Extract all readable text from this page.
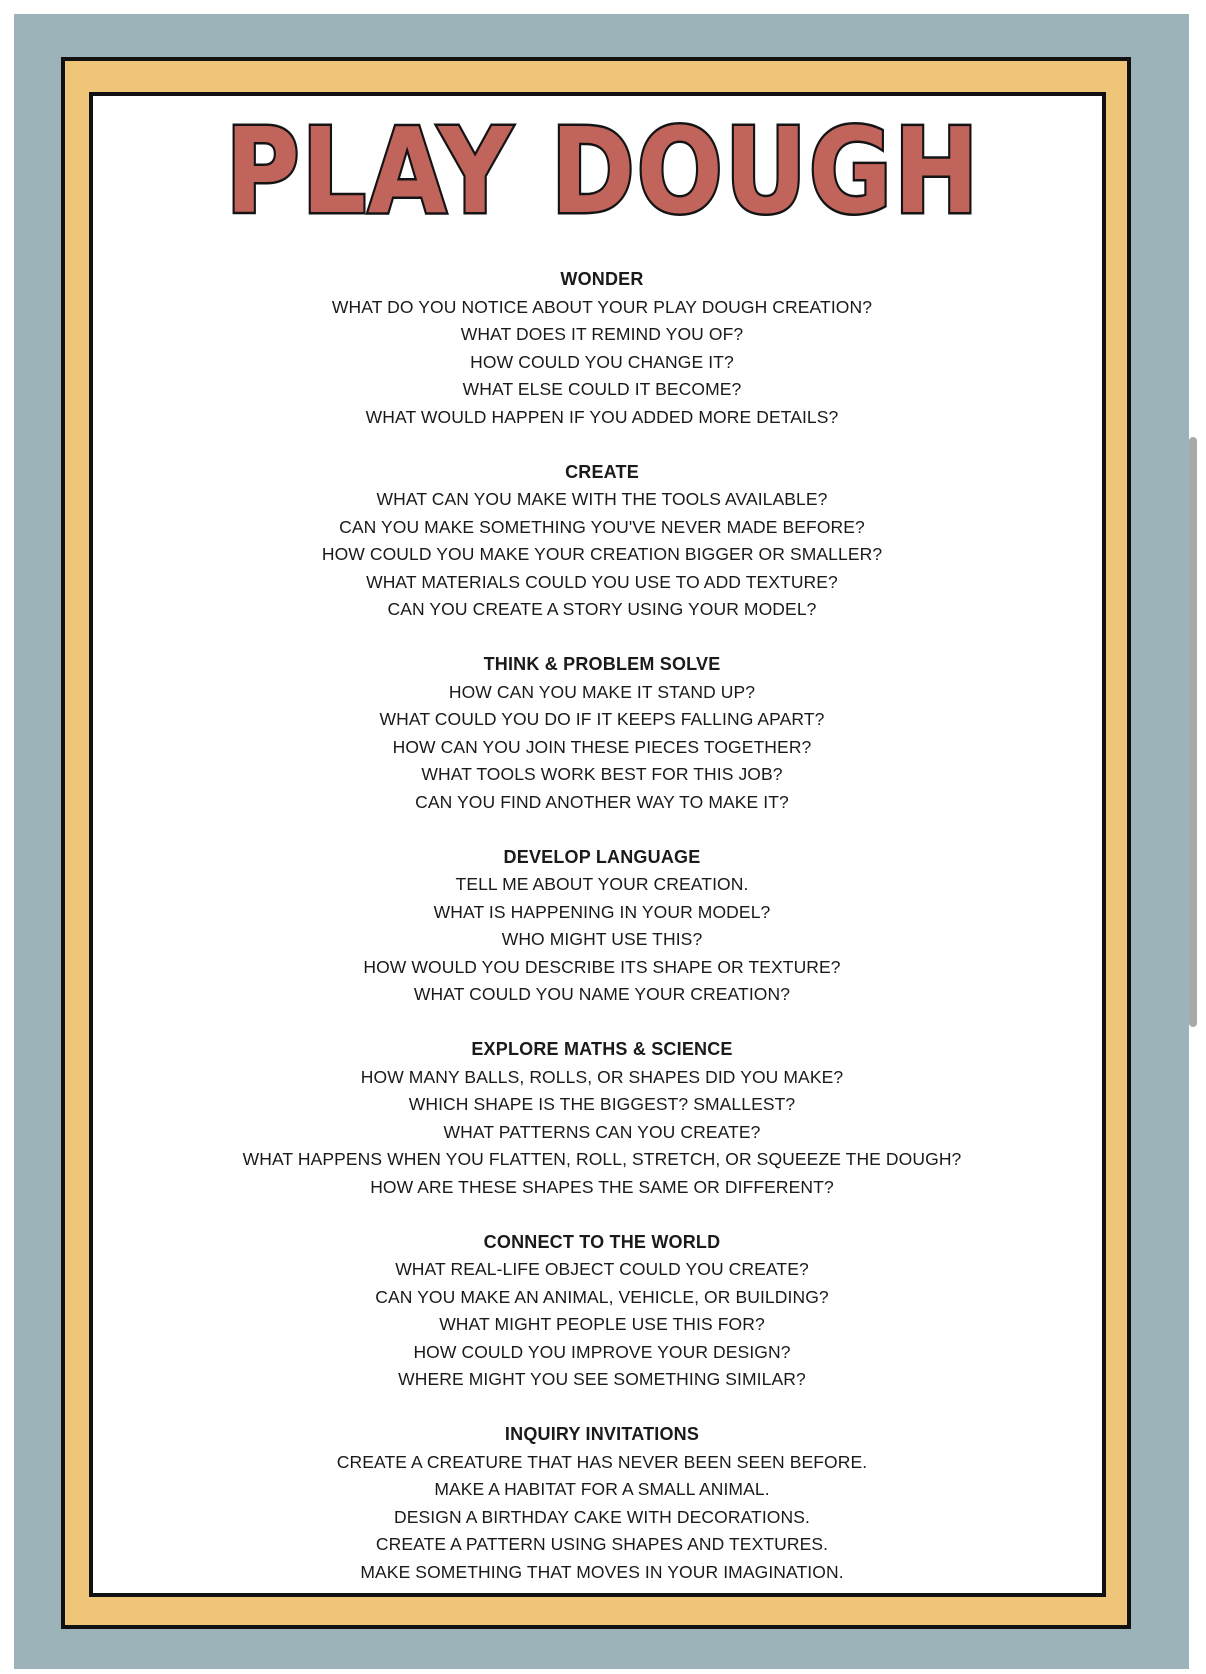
PLAY DOUGH
WONDER
WHAT DO YOU NOTICE ABOUT YOUR PLAY DOUGH CREATION?
WHAT DOES IT REMIND YOU OF?
HOW COULD YOU CHANGE IT?
WHAT ELSE COULD IT BECOME?
WHAT WOULD HAPPEN IF YOU ADDED MORE DETAILS?
CREATE
WHAT CAN YOU MAKE WITH THE TOOLS AVAILABLE?
CAN YOU MAKE SOMETHING YOU'VE NEVER MADE BEFORE?
HOW COULD YOU MAKE YOUR CREATION BIGGER OR SMALLER?
WHAT MATERIALS COULD YOU USE TO ADD TEXTURE?
CAN YOU CREATE A STORY USING YOUR MODEL?
THINK & PROBLEM SOLVE
HOW CAN YOU MAKE IT STAND UP?
WHAT COULD YOU DO IF IT KEEPS FALLING APART?
HOW CAN YOU JOIN THESE PIECES TOGETHER?
WHAT TOOLS WORK BEST FOR THIS JOB?
CAN YOU FIND ANOTHER WAY TO MAKE IT?
DEVELOP LANGUAGE
TELL ME ABOUT YOUR CREATION.
WHAT IS HAPPENING IN YOUR MODEL?
WHO MIGHT USE THIS?
HOW WOULD YOU DESCRIBE ITS SHAPE OR TEXTURE?
WHAT COULD YOU NAME YOUR CREATION?
EXPLORE MATHS & SCIENCE
HOW MANY BALLS, ROLLS, OR SHAPES DID YOU MAKE?
WHICH SHAPE IS THE BIGGEST? SMALLEST?
WHAT PATTERNS CAN YOU CREATE?
WHAT HAPPENS WHEN YOU FLATTEN, ROLL, STRETCH, OR SQUEEZE THE DOUGH?
HOW ARE THESE SHAPES THE SAME OR DIFFERENT?
CONNECT TO THE WORLD
WHAT REAL-LIFE OBJECT COULD YOU CREATE?
CAN YOU MAKE AN ANIMAL, VEHICLE, OR BUILDING?
WHAT MIGHT PEOPLE USE THIS FOR?
HOW COULD YOU IMPROVE YOUR DESIGN?
WHERE MIGHT YOU SEE SOMETHING SIMILAR?
INQUIRY INVITATIONS
CREATE A CREATURE THAT HAS NEVER BEEN SEEN BEFORE.
MAKE A HABITAT FOR A SMALL ANIMAL.
DESIGN A BIRTHDAY CAKE WITH DECORATIONS.
CREATE A PATTERN USING SHAPES AND TEXTURES.
MAKE SOMETHING THAT MOVES IN YOUR IMAGINATION.
